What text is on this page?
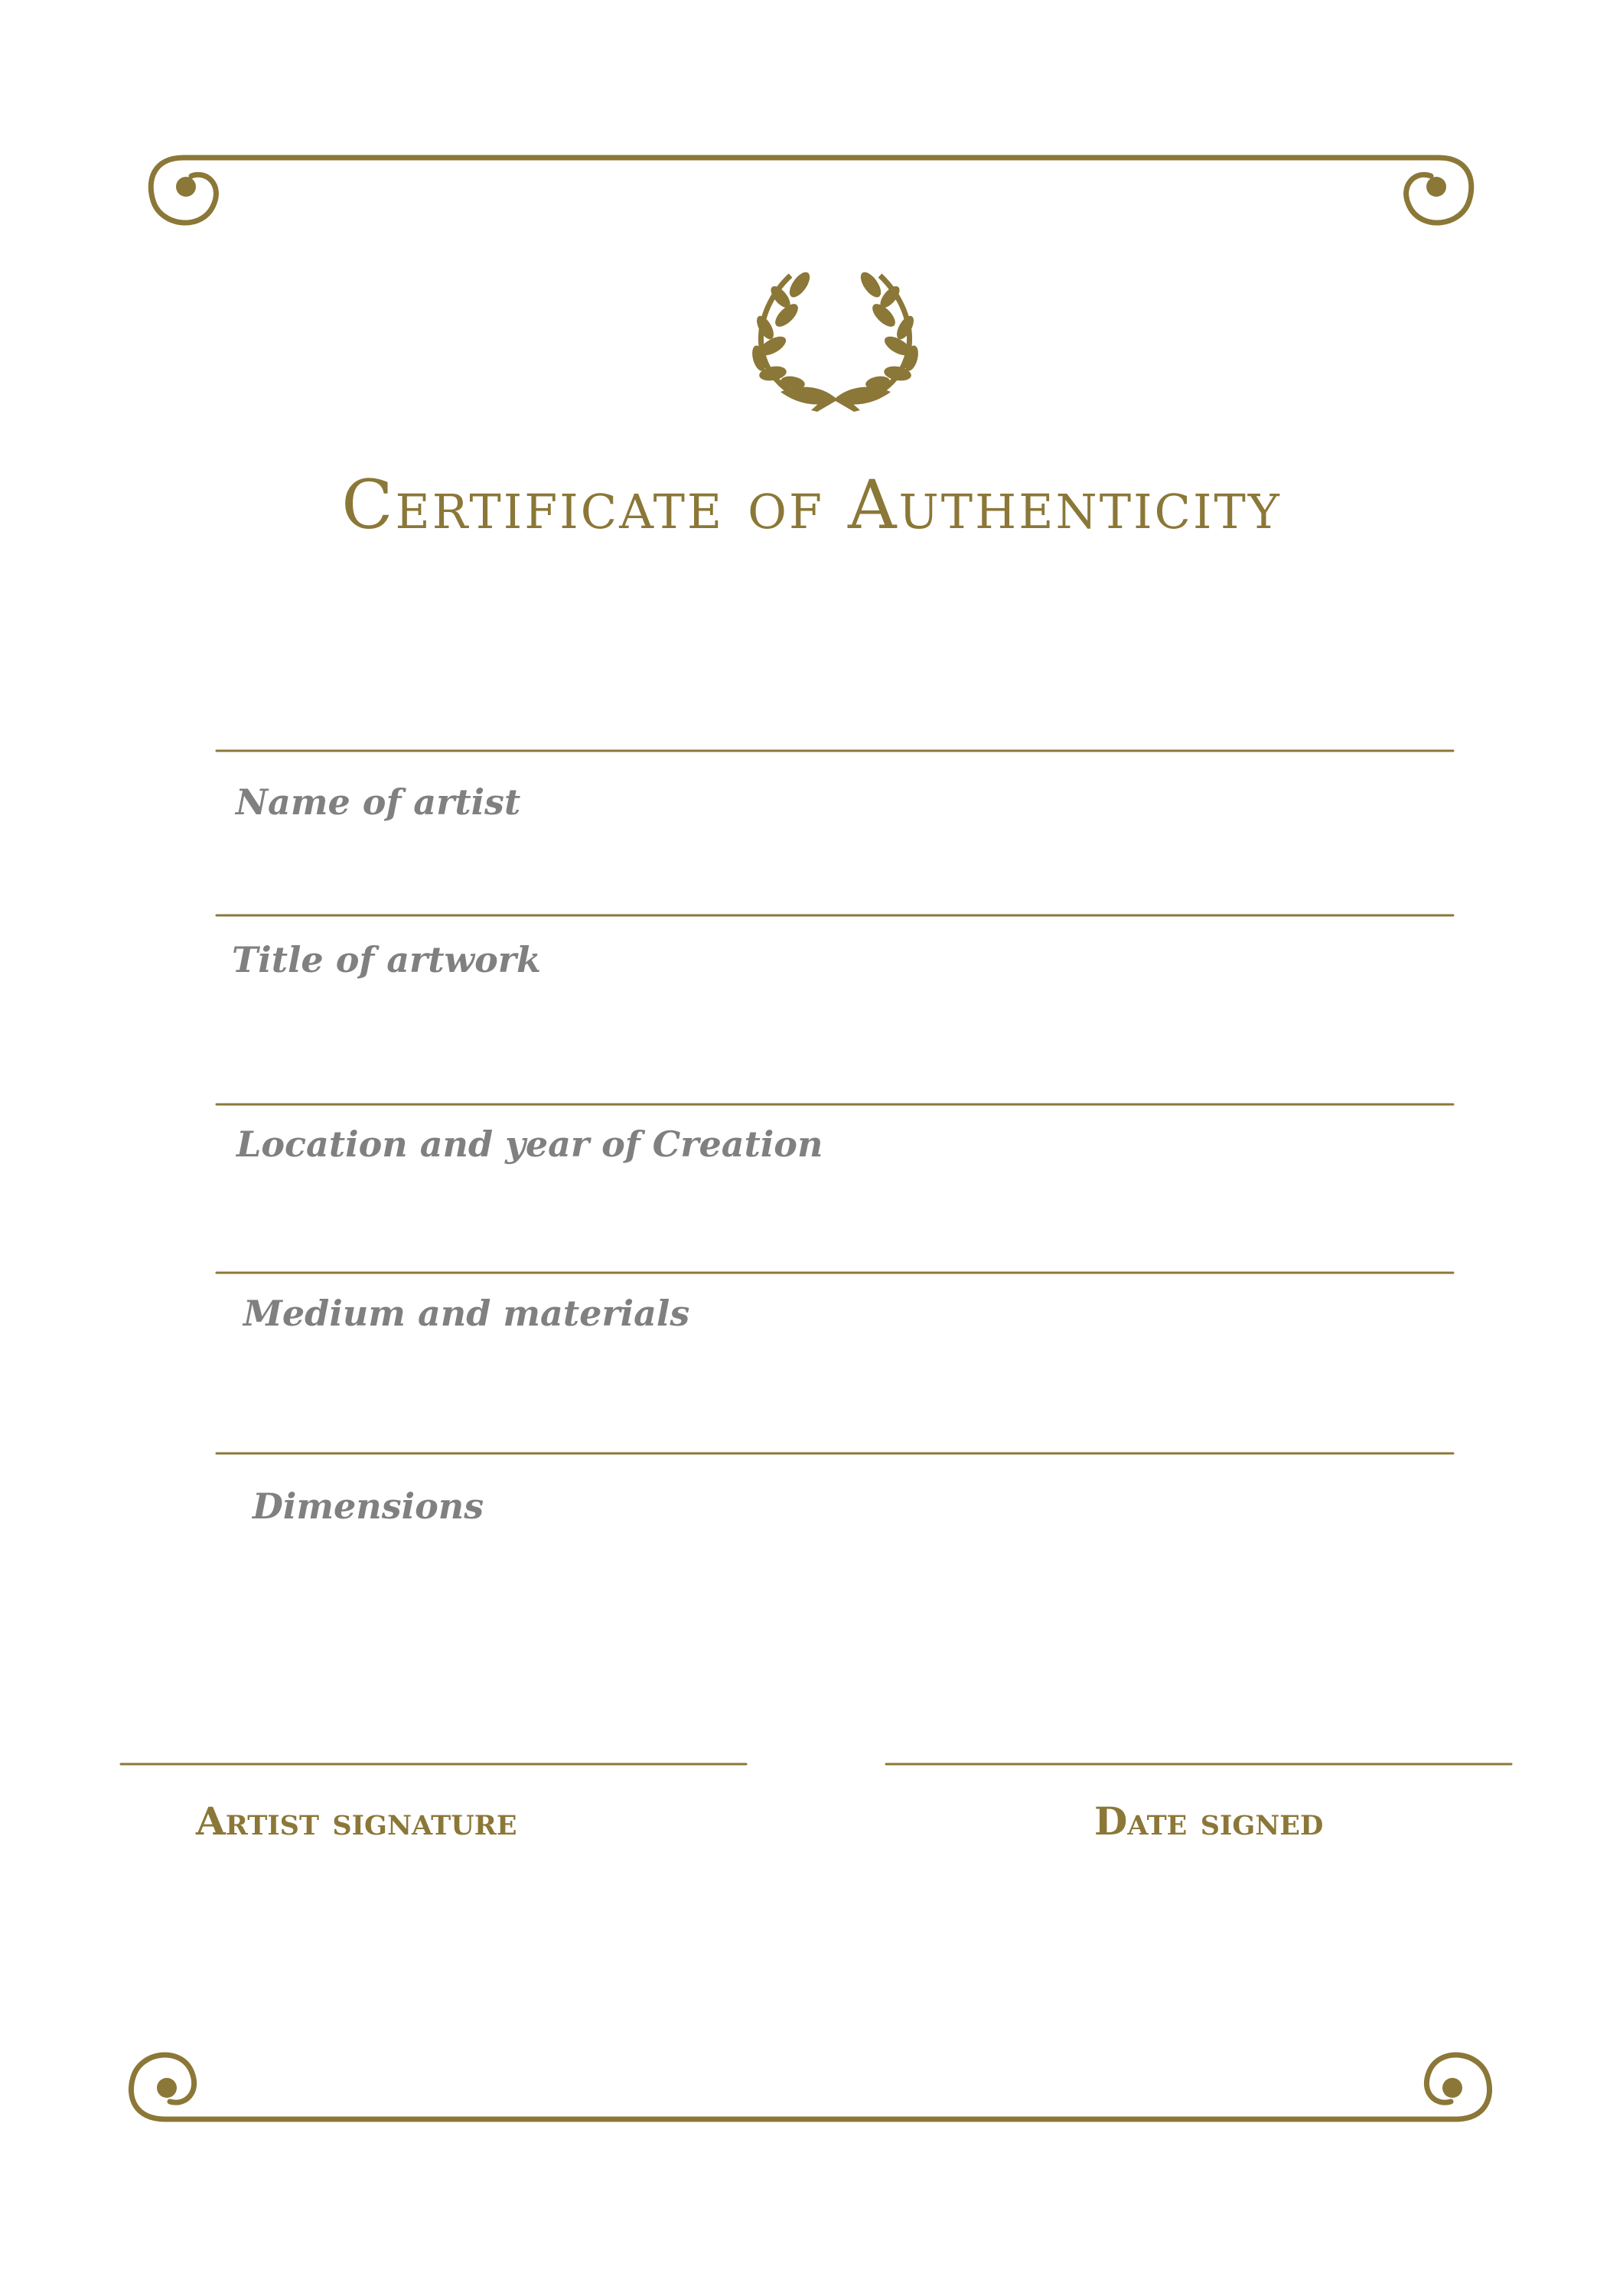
Certificate of Authenticity
Name of artist
Title of artwork
Location and year of Creation
Medium and materials
Dimensions
Artist signature	Date signed
